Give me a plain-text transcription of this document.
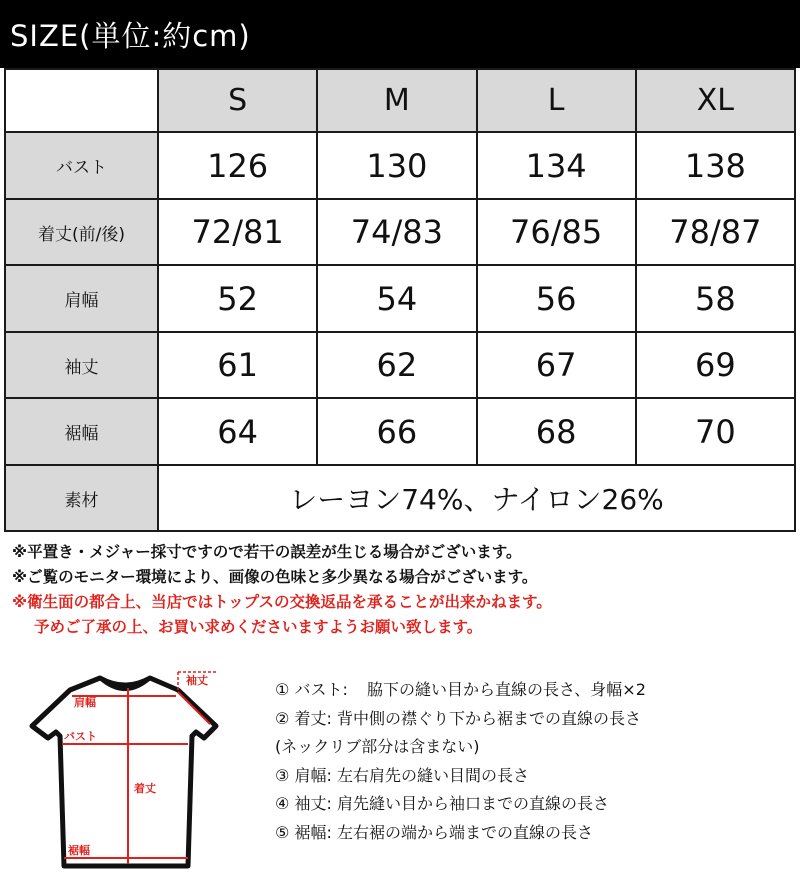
SIZE(単位:約cm)
	S	M	L	XL
バスト	126	130	134	138
着丈(前/後)	72/81	74/83	76/85	78/87
肩幅	52	54	56	58
袖丈	61	62	67	69
裾幅	64	66	68	70
素材	レーヨン74%、ナイロン26%			
※平置き・メジャー採寸ですので若干の誤差が生じる場合がございます。
※ご覧のモニター環境により、画像の色味と多少異なる場合がございます。
※衛生面の都合上、当店ではトップスの交換返品を承ることが出来かねます。
予めご了承の上、お買い求めくださいますようお願い致します。
袖丈
肩幅
バスト
着丈
裾幅
① バスト: 脇下の縫い目から直線の長さ、身幅×2
② 着丈: 背中側の襟ぐり下から裾までの直線の長さ
(ネックリブ部分は含まない)
③ 肩幅: 左右肩先の縫い目間の長さ
④ 袖丈: 肩先縫い目から袖口までの直線の長さ
⑤ 裾幅: 左右裾の端から端までの直線の長さ
